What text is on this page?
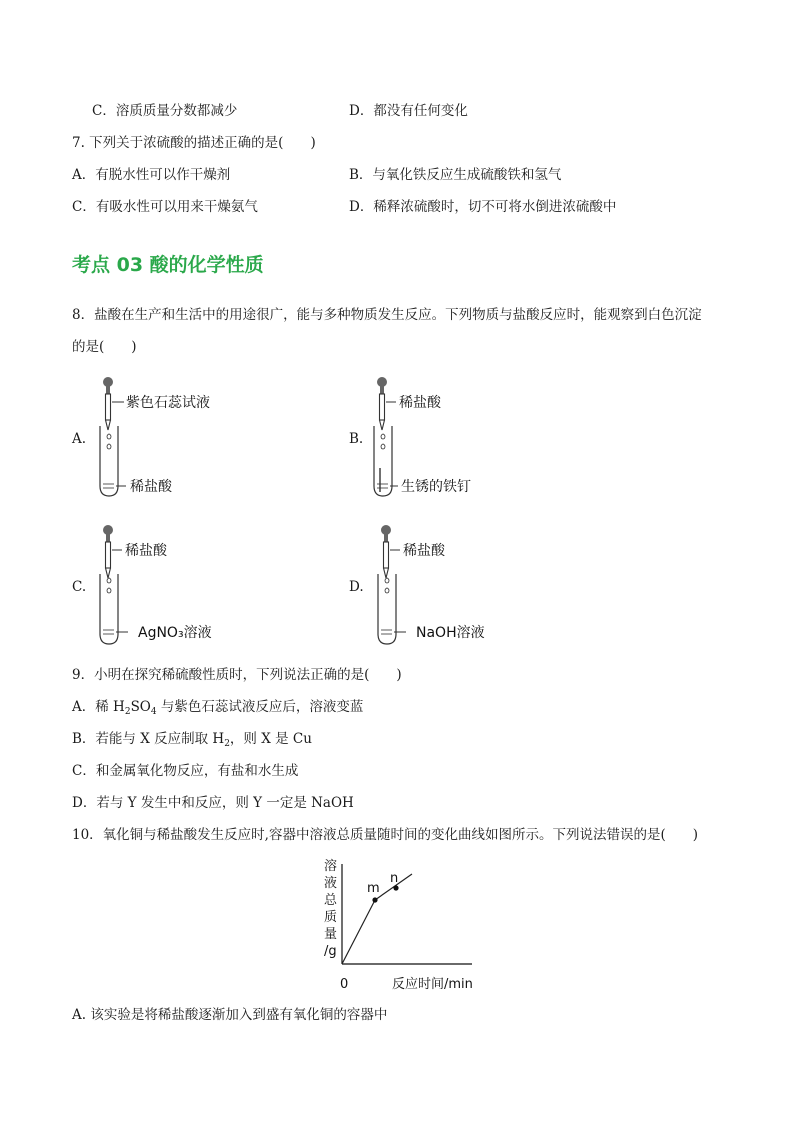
C．溶质质量分数都减少	D．都没有任何变化
7. 下列关于浓硫酸的描述正确的是(　　)
A．有脱水性可以作干燥剂	B．与氧化铁反应生成硫酸铁和氢气
C．有吸水性可以用来干燥氨气	D．稀释浓硫酸时，切不可将水倒进浓硫酸中
考点 03 酸的化学性质
8．盐酸在生产和生活中的用途很广，能与多种物质发生反应。下列物质与盐酸反应时，能观察到白色沉淀
的是(　　)
A.
紫色石蕊试液
稀盐酸
B.
稀盐酸
生锈的铁钉
C.
稀盐酸
AgNO₃溶液
D.
稀盐酸
NaOH溶液
9．小明在探究稀硫酸性质时，下列说法正确的是(　　)
A．稀 $H_2SO_4$ 与紫色石蕊试液反应后，溶液变蓝
B．若能与 X 反应制取 $H_2$，则 X 是 Cu
C．和金属氧化物反应，有盐和水生成
D．若与 Y 发生中和反应，则 Y 一定是 NaOH
10．氧化铜与稀盐酸发生反应时,容器中溶液总质量随时间的变化曲线如图所示。下列说法错误的是(　　)
溶
液
总
质
量
/g
0	反应时间/min
m
n
A. 该实验是将稀盐酸逐渐加入到盛有氧化铜的容器中
